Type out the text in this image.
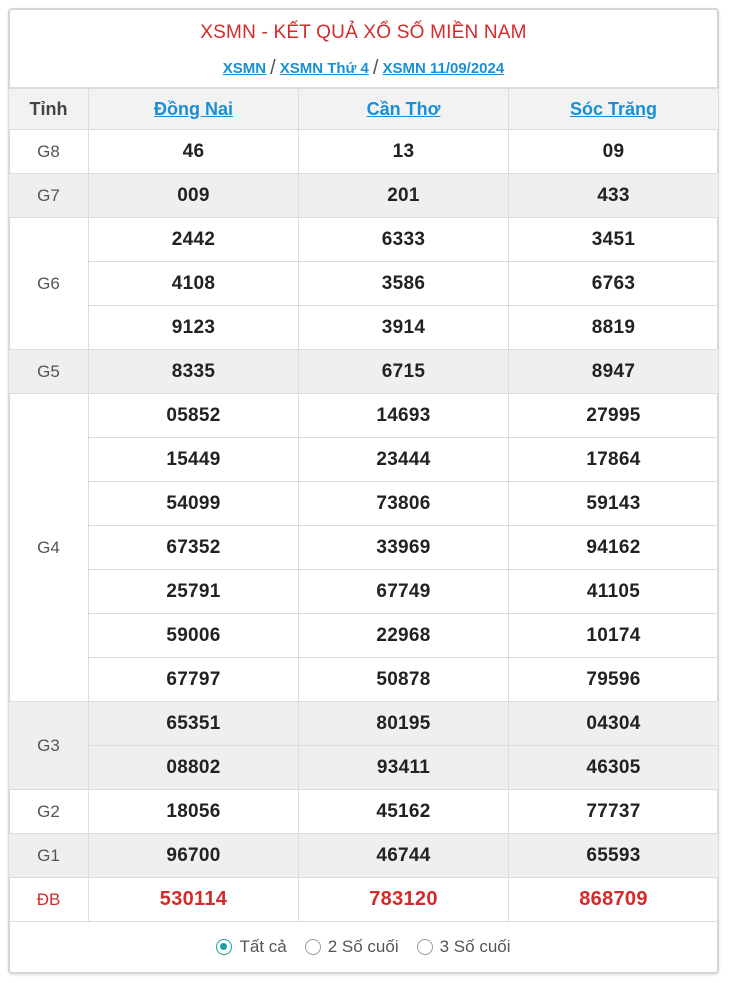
XSMN - KẾT QUẢ XỔ SỐ MIỀN NAM
XSMN / XSMN Thứ 4 / XSMN 11/09/2024
Tỉnh	Đồng Nai	Cần Thơ	Sóc Trăng
G8	46	13	09
G7	009	201	433
G6	2442	6333	3451
	4108	3586	6763
	9123	3914	8819
G5	8335	6715	8947
G4	05852	14693	27995
	15449	23444	17864
	54099	73806	59143
	67352	33969	94162
	25791	67749	41105
	59006	22968	10174
	67797	50878	79596
G3	65351	80195	04304
	08802	93411	46305
G2	18056	45162	77737
G1	96700	46744	65593
ĐB	530114	783120	868709
Tất cả 2 Số cuối 3 Số cuối
